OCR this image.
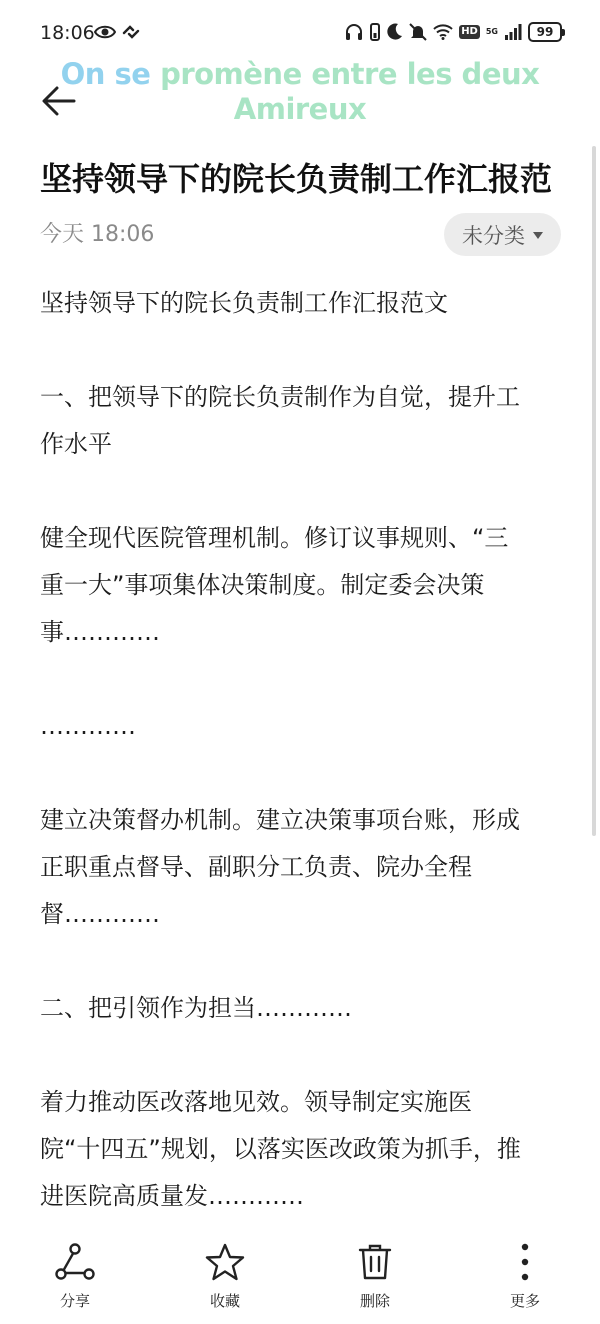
18:06	HD 5G	99
On se promène entre les deux
Amireux
坚持领导下的院长负责制工作汇报范
今天 18:06	未分类
坚持领导下的院长负责制工作汇报范文
一、把领导下的院长负责制作为自觉，提升工
作水平
健全现代医院管理机制。修订议事规则、“三
重一大”事项集体决策制度。制定委会决策
事…………
…………
建立决策督办机制。建立决策事项台账，形成
正职重点督导、副职分工负责、院办全程
督…………
二、把引领作为担当…………
着力推动医改落地见效。领导制定实施医
院“十四五”规划，以落实医改政策为抓手，推
进医院高质量发…………
分享	收藏	删除	更多
